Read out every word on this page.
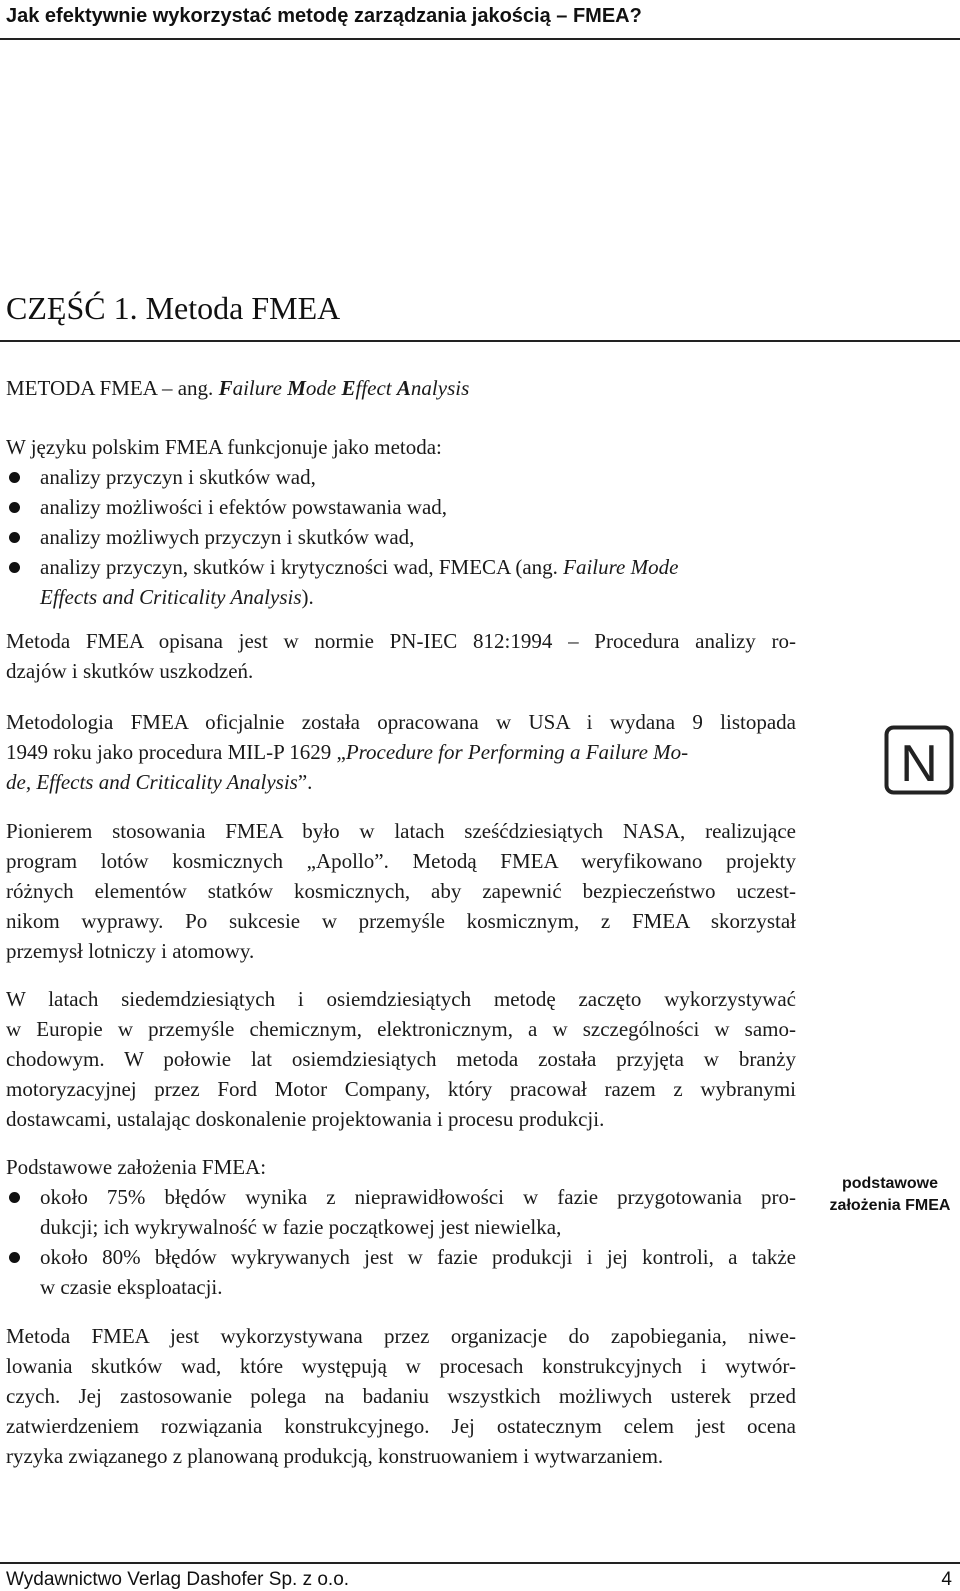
Jak efektywnie wykorzystać metodę zarządzania jakością – FMEA?
CZĘŚĆ 1. Metoda FMEA
METODA FMEA – ang. Failure Mode Effect Analysis
W języku polskim FMEA funkcjonuje jako metoda:
analizy przyczyn i skutków wad,
analizy możliwości i efektów powstawania wad,
analizy możliwych przyczyn i skutków wad,
analizy przyczyn, skutków i krytyczności wad, FMECA (ang. Failure Mode
Effects and Criticality Analysis).
Metoda FMEA opisana jest w normie PN-IEC 812:1994 – Procedura analizy ro-
dzajów i skutków uszkodzeń.
Metodologia FMEA oficjalnie została opracowana w USA i wydana 9 listopada
1949 roku jako procedura MIL-P 1629 „Procedure for Performing a Failure Mo-
de, Effects and Criticality Analysis”.	N
Pionierem stosowania FMEA było w latach sześćdziesiątych NASA, realizujące
program lotów kosmicznych „Apollo”. Metodą FMEA weryfikowano projekty
różnych elementów statków kosmicznych, aby zapewnić bezpieczeństwo uczest-
nikom wyprawy. Po sukcesie w przemyśle kosmicznym, z FMEA skorzystał
przemysł lotniczy i atomowy.
W latach siedemdziesiątych i osiemdziesiątych metodę zaczęto wykorzystywać
w Europie w przemyśle chemicznym, elektronicznym, a w szczególności w samo-
chodowym. W połowie lat osiemdziesiątych metoda została przyjęta w branży
motoryzacyjnej przez Ford Motor Company, który pracował razem z wybranymi
dostawcami, ustalając doskonalenie projektowania i procesu produkcji.
Podstawowe założenia FMEA:
około 75% błędów wynika z nieprawidłowości w fazie przygotowania pro-
dukcji; ich wykrywalność w fazie początkowej jest niewielka,
około 80% błędów wykrywanych jest w fazie produkcji i jej kontroli, a także
w czasie eksploatacji.
podstawowe
założenia FMEA
Metoda FMEA jest wykorzystywana przez organizacje do zapobiegania, niwe-
lowania skutków wad, które występują w procesach konstrukcyjnych i wytwór-
czych. Jej zastosowanie polega na badaniu wszystkich możliwych usterek przed
zatwierdzeniem rozwiązania konstrukcyjnego. Jej ostatecznym celem jest ocena
ryzyka związanego z planowaną produkcją, konstruowaniem i wytwarzaniem.
Wydawnictwo Verlag Dashofer Sp. z o.o.	4
